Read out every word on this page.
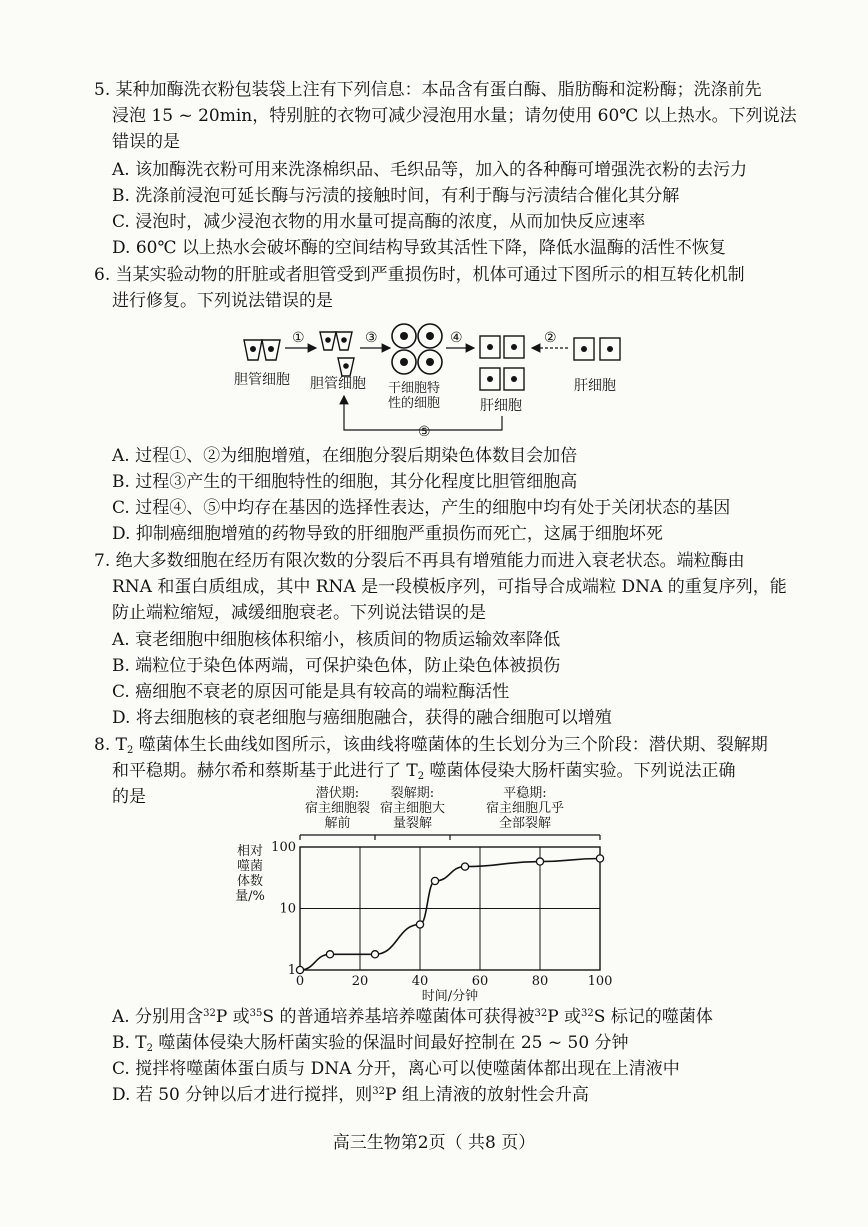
5. 某种加酶洗衣粉包装袋上注有下列信息：本品含有蛋白酶、脂肪酶和淀粉酶；洗涤前先
浸泡 15 ~ 20min，特别脏的衣物可减少浸泡用水量；请勿使用 60℃ 以上热水。下列说法
错误的是
A. 该加酶洗衣粉可用来洗涤棉织品、毛织品等，加入的各种酶可增强洗衣粉的去污力
B. 洗涤前浸泡可延长酶与污渍的接触时间，有利于酶与污渍结合催化其分解
C. 浸泡时，减少浸泡衣物的用水量可提高酶的浓度，从而加快反应速率
D. 60℃ 以上热水会破坏酶的空间结构导致其活性下降，降低水温酶的活性不恢复
6. 当某实验动物的肝脏或者胆管受到严重损伤时，机体可通过下图所示的相互转化机制
进行修复。下列说法错误的是
胆管细胞
①
胆管细胞
③
干细胞特
性的细胞
④
肝细胞
②
肝细胞
⑤
A. 过程①、②为细胞增殖，在细胞分裂后期染色体数目会加倍
B. 过程③产生的干细胞特性的细胞，其分化程度比胆管细胞高
C. 过程④、⑤中均存在基因的选择性表达，产生的细胞中均有处于关闭状态的基因
D. 抑制癌细胞增殖的药物导致的肝细胞严重损伤而死亡，这属于细胞坏死
7. 绝大多数细胞在经历有限次数的分裂后不再具有增殖能力而进入衰老状态。端粒酶由
RNA 和蛋白质组成，其中 RNA 是一段模板序列，可指导合成端粒 DNA 的重复序列，能
防止端粒缩短，减缓细胞衰老。下列说法错误的是
A. 衰老细胞中细胞核体积缩小，核质间的物质运输效率降低
B. 端粒位于染色体两端，可保护染色体，防止染色体被损伤
C. 癌细胞不衰老的原因可能是具有较高的端粒酶活性
D. 将去细胞核的衰老细胞与癌细胞融合，获得的融合细胞可以增殖
8. $T_2$ 噬菌体生长曲线如图所示，该曲线将噬菌体的生长划分为三个阶段：潜伏期、裂解期
和平稳期。赫尔希和蔡斯基于此进行了 $T_2$ 噬菌体侵染大肠杆菌实验。下列说法正确
的是
0	20	40	60	80	100
1
10
100
时间/分钟
相对
噬菌
体数
量/%
潜伏期:
宿主细胞裂
解前
裂解期:
宿主细胞大
量裂解
平稳期:
宿主细胞几乎
全部裂解
A. 分别用含$^{32}$P 或$^{35}$S 的普通培养基培养噬菌体可获得被$^{32}$P 或$^{32}$S 标记的噬菌体
B. $T_2$ 噬菌体侵染大肠杆菌实验的保温时间最好控制在 25 ~ 50 分钟
C. 搅拌将噬菌体蛋白质与 DNA 分开，离心可以使噬菌体都出现在上清液中
D. 若 50 分钟以后才进行搅拌，则$^{32}$P 组上清液的放射性会升高
高三生物第2页（ 共8 页）
